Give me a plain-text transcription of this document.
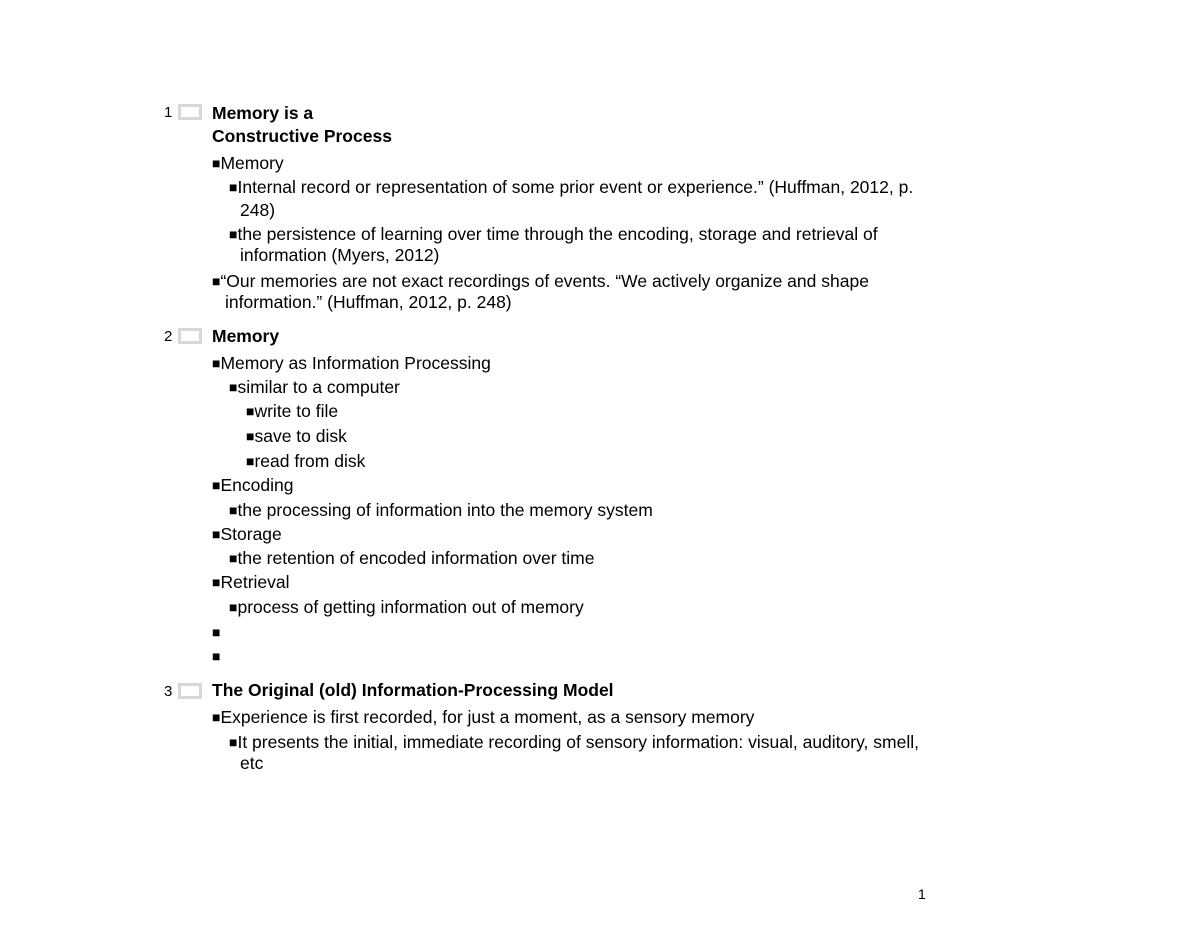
1	Memory is a
Constructive Process
■Memory
■Internal record or representation of some prior event or experience.” (Huffman, 2012, p.
248)
■the persistence of learning over time through the encoding, storage and retrieval of
information (Myers, 2012)
■“Our memories are not exact recordings of events. “We actively organize and shape
information.” (Huffman, 2012, p. 248)
2	Memory
■Memory as Information Processing
■similar to a computer
■write to file
■save to disk
■read from disk
■Encoding
■the processing of information into the memory system
■Storage
■the retention of encoded information over time
■Retrieval
■process of getting information out of memory
■
■
3	The Original (old) Information-Processing Model
■Experience is first recorded, for just a moment, as a sensory memory
■It presents the initial, immediate recording of sensory information: visual, auditory, smell,
etc
1
